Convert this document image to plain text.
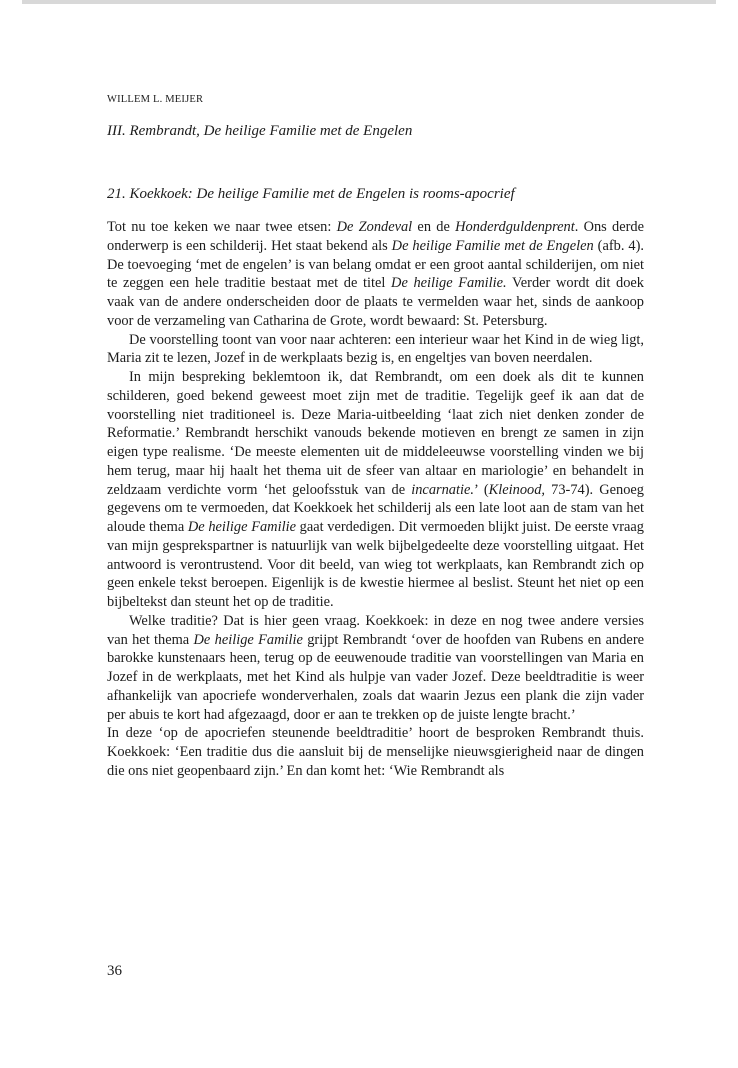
WILLEM L. MEIJER
III. Rembrandt, De heilige Familie met de Engelen
21. Koekkoek: De heilige Familie met de Engelen is rooms-apocrief

Tot nu toe keken we naar twee etsen: De Zondeval en de Honderdguldenprent. Ons derde onderwerp is een schilderij. Het staat bekend als De heilige Familie met de Engelen (afb. 4). De toevoeging ‘met de engelen’ is van belang omdat er een groot aantal schilderijen, om niet te zeggen een hele traditie bestaat met de titel De heilige Familie. Verder wordt dit doek vaak van de andere onderscheiden door de plaats te vermelden waar het, sinds de aankoop voor de verzameling van Catharina de Grote, wordt bewaard: St. Petersburg.

De voorstelling toont van voor naar achteren: een interieur waar het Kind in de wieg ligt, Maria zit te lezen, Jozef in de werkplaats bezig is, en engeltjes van boven neerdalen.

In mijn bespreking beklemtoon ik, dat Rembrandt, om een doek als dit te kunnen schilderen, goed bekend geweest moet zijn met de traditie. Tegelijk geef ik aan dat de voorstelling niet traditioneel is. Deze Maria-uitbeelding ‘laat zich niet denken zonder de Reformatie.’ Rembrandt herschikt vanouds bekende motieven en brengt ze samen in zijn eigen type realisme. ‘De meeste elementen uit de middeleeuwse voorstelling vinden we bij hem terug, maar hij haalt het thema uit de sfeer van altaar en mariologie’ en behandelt in zeldzaam verdichte vorm ‘het geloofsstuk van de incarnatie.’ (Kleinood, 73-74). Genoeg gegevens om te vermoeden, dat Koekkoek het schilderij als een late loot aan de stam van het aloude thema De heilige Familie gaat verdedigen. Dit vermoeden blijkt juist. De eerste vraag van mijn gesprekspartner is natuurlijk van welk bijbelgedeelte deze voorstelling uitgaat. Het antwoord is verontrustend. Voor dit beeld, van wieg tot werkplaats, kan Rembrandt zich op geen enkele tekst beroepen. Eigenlijk is de kwestie hiermee al beslist. Steunt het niet op een bijbeltekst dan steunt het op de traditie.

Welke traditie? Dat is hier geen vraag. Koekkoek: in deze en nog twee andere versies van het thema De heilige Familie grijpt Rembrandt ‘over de hoofden van Rubens en andere barokke kunstenaars heen, terug op de eeuwenoude traditie van voorstellingen van Maria en Jozef in de werkplaats, met het Kind als hulpje van vader Jozef. Deze beeldtraditie is weer afhankelijk van apocriefe wonderverhalen, zoals dat waarin Jezus een plank die zijn vader per abuis te kort had afgezaagd, door er aan te trekken op de juiste lengte bracht.’

In deze ‘op de apocriefen steunende beeldtraditie’ hoort de besproken Rembrandt thuis. Koekkoek: ‘Een traditie dus die aansluit bij de menselijke nieuwsgierigheid naar de dingen die ons niet geopenbaard zijn.’ En dan komt het: ‘Wie Rembrandt als

36
